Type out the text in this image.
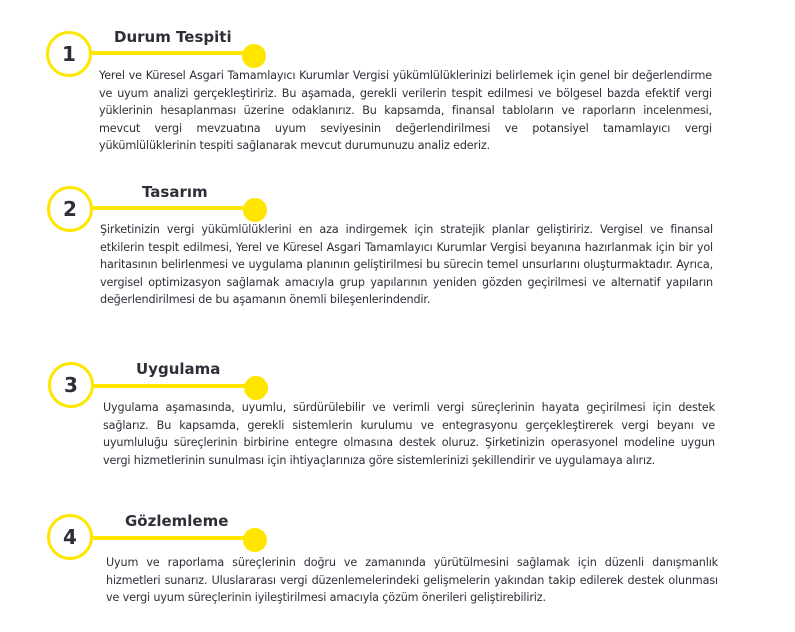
1
Durum Tespiti

Yerel ve Küresel Asgari Tamamlayıcı Kurumlar Vergisi yükümlülüklerinizi belirlemek için genel bir değerlendirme ve uyum analizi gerçekleştiririz. Bu aşamada, gerekli verilerin tespit edilmesi ve bölgesel bazda efektif vergi yüklerinin hesaplanması üzerine odaklanırız. Bu kapsamda, finansal tabloların ve raporların incelenmesi, mevcut vergi mevzuatına uyum seviyesinin değerlendirilmesi ve potansiyel tamamlayıcı vergi yükümlülüklerinin tespiti sağlanarak mevcut durumunuzu analiz ederiz.

2
Tasarım

Şirketinizin vergi yükümlülüklerini en aza indirgemek için stratejik planlar geliştiririz. Vergisel ve finansal etkilerin tespit edilmesi, Yerel ve Küresel Asgari Tamamlayıcı Kurumlar Vergisi beyanına hazırlanmak için bir yol haritasının belirlenmesi ve uygulama planının geliştirilmesi bu sürecin temel unsurlarını oluşturmaktadır. Ayrıca, vergisel optimizasyon sağlamak amacıyla grup yapılarının yeniden gözden geçirilmesi ve alternatif yapıların değerlendirilmesi de bu aşamanın önemli bileşenlerindendir.

3
Uygulama

Uygulama aşamasında, uyumlu, sürdürülebilir ve verimli vergi süreçlerinin hayata geçirilmesi için destek sağlarız. Bu kapsamda, gerekli sistemlerin kurulumu ve entegrasyonu gerçekleştirerek vergi beyanı ve uyumluluğu süreçlerinin birbirine entegre olmasına destek oluruz. Şirketinizin operasyonel modeline uygun vergi hizmetlerinin sunulması için ihtiyaçlarınıza göre sistemlerinizi şekillendirir ve uygulamaya alırız.

4
Gözlemleme

Uyum ve raporlama süreçlerinin doğru ve zamanında yürütülmesini sağlamak için düzenli danışmanlık hizmetleri sunarız. Uluslararası vergi düzenlemelerindeki gelişmelerin yakından takip edilerek destek olunması ve vergi uyum süreçlerinin iyileştirilmesi amacıyla çözüm önerileri geliştirebiliriz.
